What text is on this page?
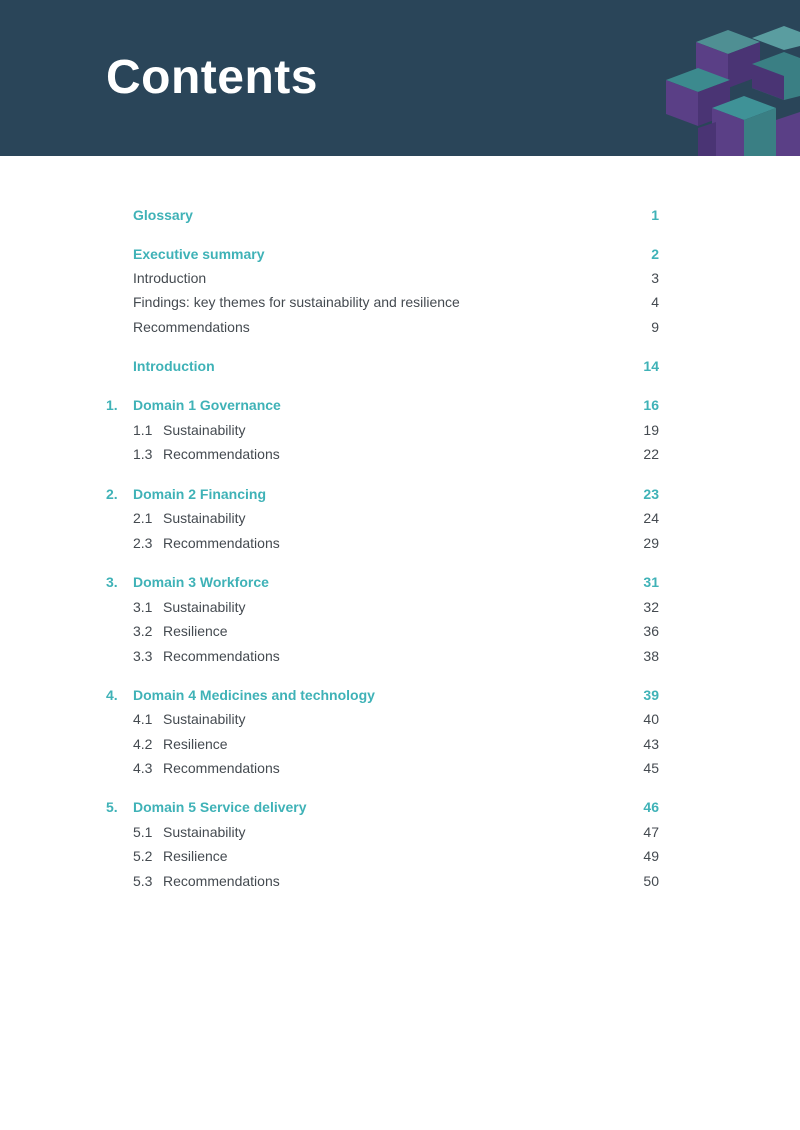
Contents
Glossary	1
Executive summary	2
Introduction	3
Findings: key themes for sustainability and resilience	4
Recommendations	9
Introduction	14
1. Domain 1 Governance	16
1.1 Sustainability	19
1.3 Recommendations	22
2. Domain 2 Financing	23
2.1 Sustainability	24
2.3 Recommendations	29
3. Domain 3 Workforce	31
3.1 Sustainability	32
3.2 Resilience	36
3.3 Recommendations	38
4. Domain 4 Medicines and technology	39
4.1 Sustainability	40
4.2 Resilience	43
4.3 Recommendations	45
5. Domain 5 Service delivery	46
5.1 Sustainability	47
5.2 Resilience	49
5.3 Recommendations	50
